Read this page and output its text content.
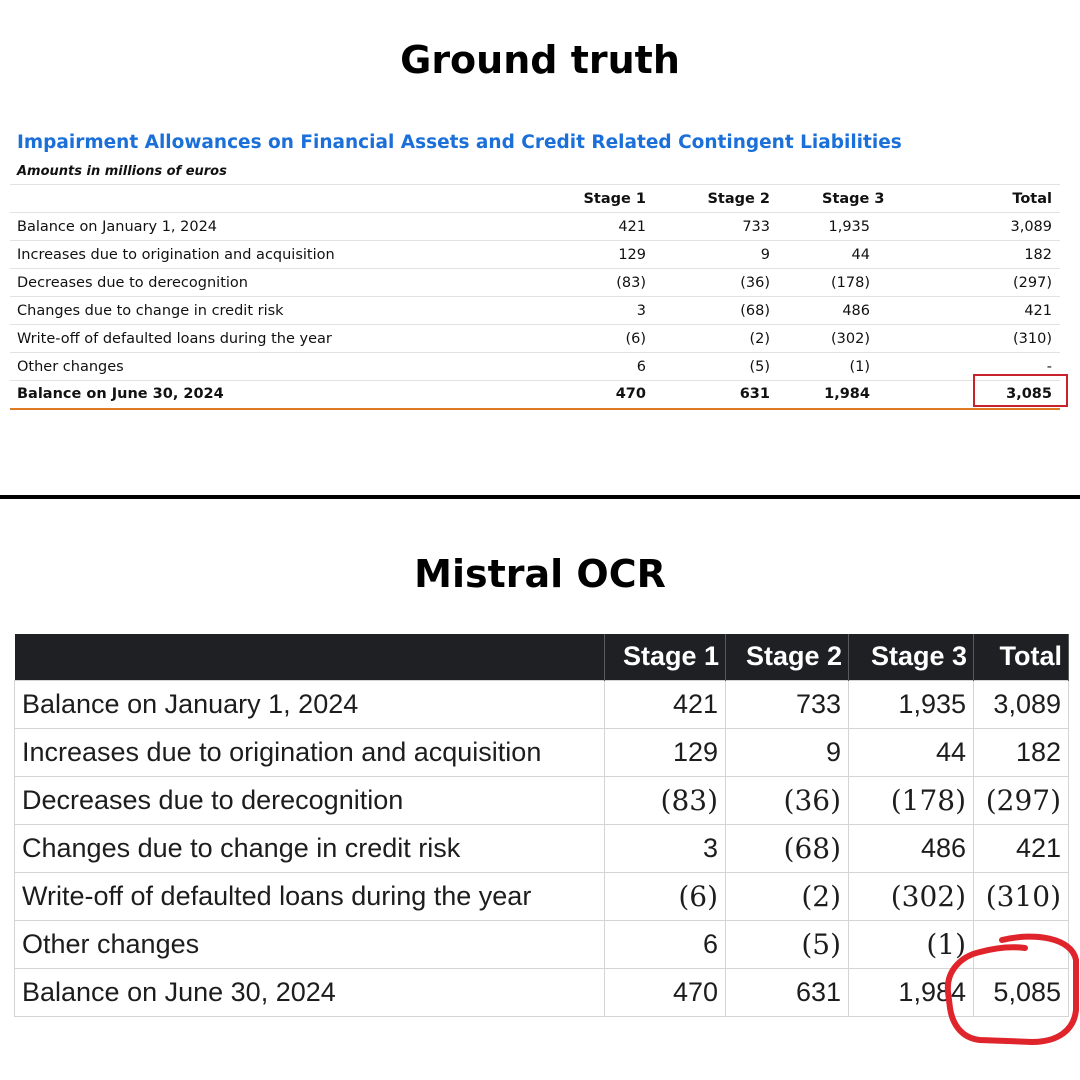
Ground truth
Impairment Allowances on Financial Assets and Credit Related Contingent Liabilities
Amounts in millions of euros
	Stage 1	Stage 2	Stage 3	Total
Balance on January 1, 2024	421	733	1,935	3,089
Increases due to origination and acquisition	129	9	44	182
Decreases due to derecognition	(83)	(36)	(178)	(297)
Changes due to change in credit risk	3	(68)	486	421
Write-off of defaulted loans during the year	(6)	(2)	(302)	(310)
Other changes	6	(5)	(1)	-
Balance on June 30, 2024	470	631	1,984	3,085
Mistral OCR
	Stage 1	Stage 2	Stage 3	Total
Balance on January 1, 2024	421	733	1,935	3,089
Increases due to origination and acquisition	129	9	44	182
Decreases due to derecognition	(83)	(36)	(178)	(297)
Changes due to change in credit risk	3	(68)	486	421
Write-off of defaulted loans during the year	(6)	(2)	(302)	(310)
Other changes	6	(5)	(1)	
Balance on June 30, 2024	470	631	1,984	5,085
